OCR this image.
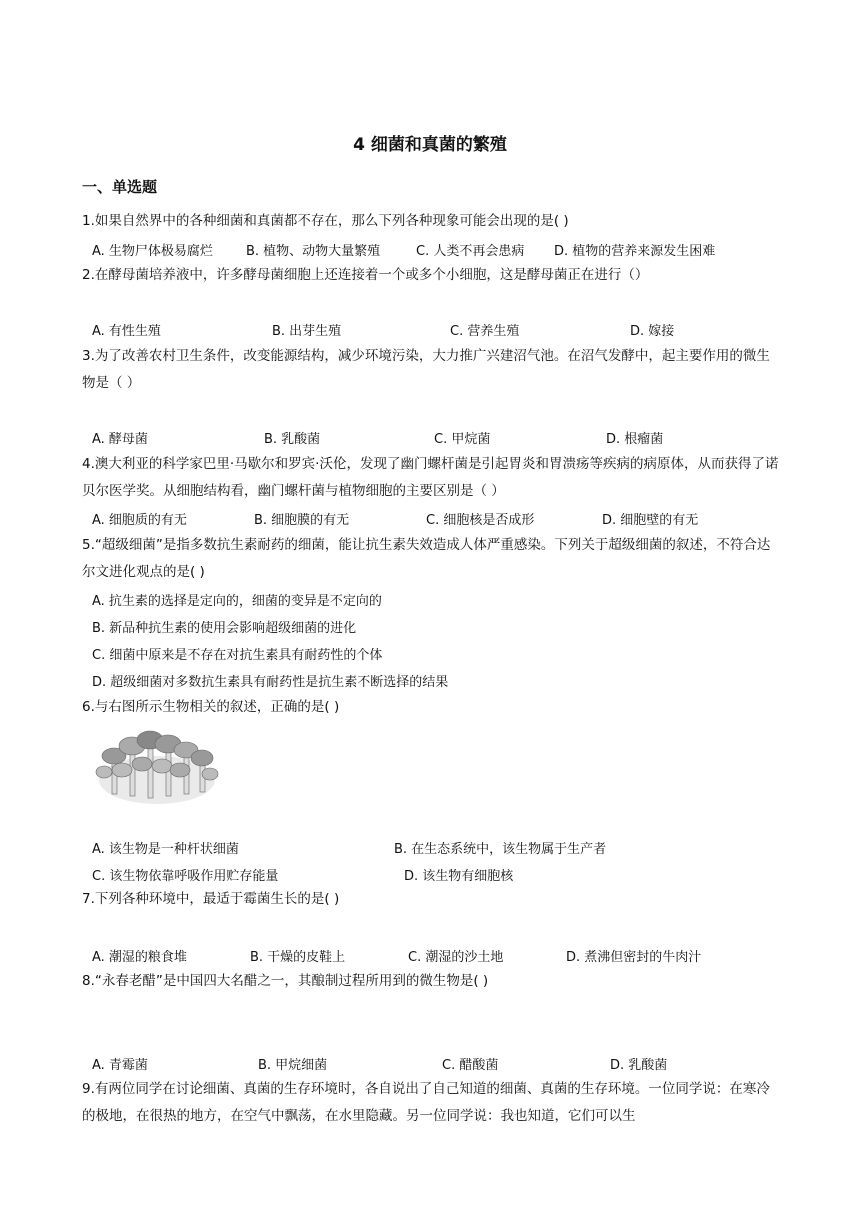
4 细菌和真菌的繁殖
一、单选题
1.如果自然界中的各种细菌和真菌都不存在，那么下列各种现象可能会出现的是( )
A. 生物尸体极易腐烂	B. 植物、动物大量繁殖	C. 人类不再会患病 D. 植物的营养来源发生困难
2.在酵母菌培养液中，许多酵母菌细胞上还连接着一个或多个小细胞，这是酵母菌正在进行（）
A. 有性生殖	B. 出芽生殖	C. 营养生殖	D. 嫁接
3.为了改善农村卫生条件，改变能源结构，减少环境污染，大力推广兴建沼气池。在沼气发酵中，起主要作用的微生物是（ ）
A. 酵母菌	B. 乳酸菌	C. 甲烷菌	D. 根瘤菌
4.澳大利亚的科学家巴里·马歇尔和罗宾·沃伦，发现了幽门螺杆菌是引起胃炎和胃溃疡等疾病的病原体，从而获得了诺贝尔医学奖。从细胞结构看，幽门螺杆菌与植物细胞的主要区别是（ ）
A. 细胞质的有无	B. 细胞膜的有无	C. 细胞核是否成形	D. 细胞壁的有无
5.“超级细菌”是指多数抗生素耐药的细菌，能让抗生素失效造成人体严重感染。下列关于超级细菌的叙述，不符合达尔文进化观点的是( )
A. 抗生素的选择是定向的，细菌的变异是不定向的
B. 新品种抗生素的使用会影响超级细菌的进化
C. 细菌中原来是不存在对抗生素具有耐药性的个体
D. 超级细菌对多数抗生素具有耐药性是抗生素不断选择的结果
6.与右图所示生物相关的叙述，正确的是( )
A. 该生物是一种杆状细菌	B. 在生态系统中，该生物属于生产者
C. 该生物依靠呼吸作用贮存能量	D. 该生物有细胞核
7.下列各种环境中，最适于霉菌生长的是( )
A. 潮湿的粮食堆	B. 干燥的皮鞋上	C. 潮湿的沙土地	D. 煮沸但密封的牛肉汁
8.“永春老醋”是中国四大名醋之一，其酿制过程所用到的微生物是( )
A. 青霉菌	B. 甲烷细菌	C. 醋酸菌	D. 乳酸菌
9.有两位同学在讨论细菌、真菌的生存环境时，各自说出了自己知道的细菌、真菌的生存环境。一位同学说：在寒冷的极地，在很热的地方，在空气中飘荡，在水里隐藏。另一位同学说：我也知道，它们可以生
